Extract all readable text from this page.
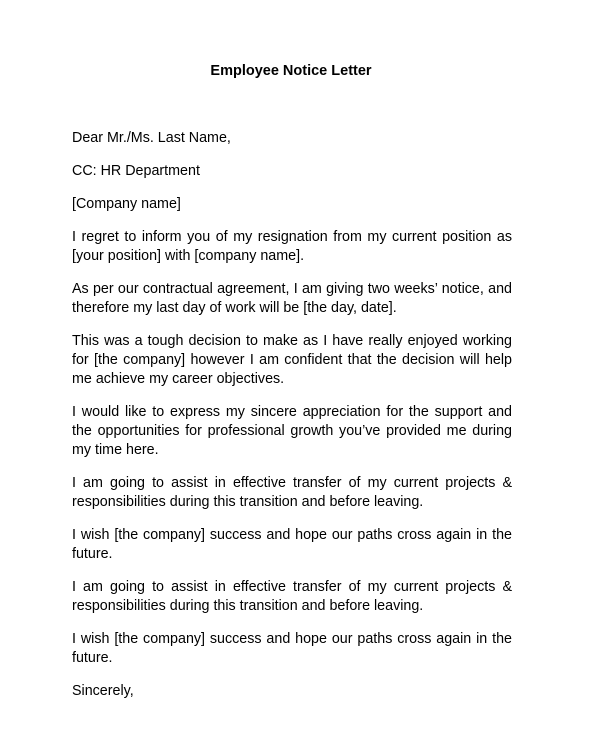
Employee Notice Letter

Dear Mr./Ms. Last Name,

CC: HR Department

[Company name]

I regret to inform you of my resignation from my current position as [your position] with [company name].

As per our contractual agreement, I am giving two weeks’ notice, and therefore my last day of work will be [the day, date].

This was a tough decision to make as I have really enjoyed working for [the company] however I am confident that the decision will help me achieve my career objectives.

I would like to express my sincere appreciation for the support and the opportunities for professional growth you’ve provided me during my time here.

I am going to assist in effective transfer of my current projects & responsibilities during this transition and before leaving.

I wish [the company] success and hope our paths cross again in the future.

I am going to assist in effective transfer of my current projects & responsibilities during this transition and before leaving.

I wish [the company] success and hope our paths cross again in the future.

Sincerely,
